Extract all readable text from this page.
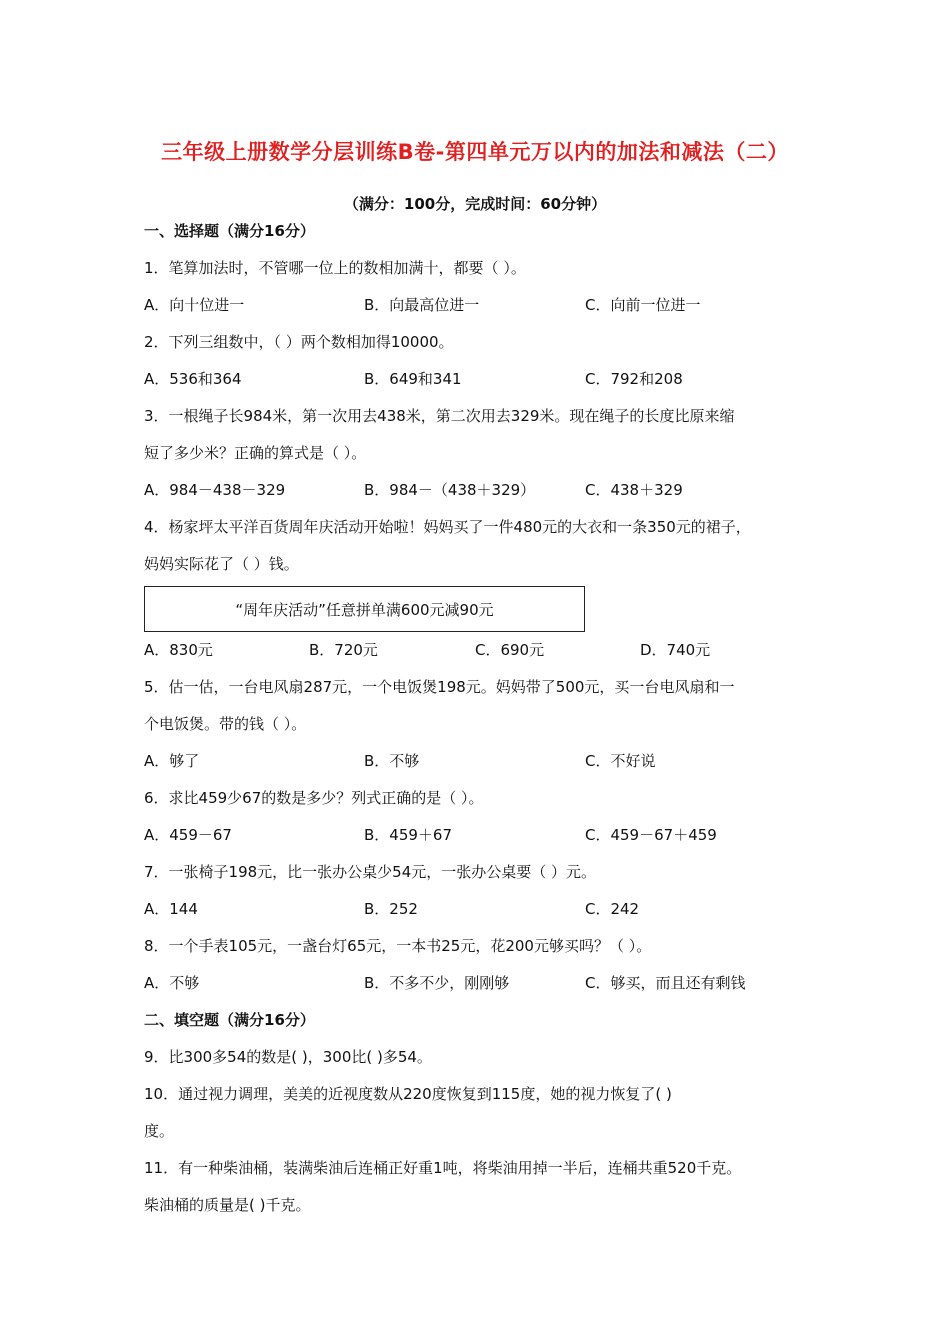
三年级上册数学分层训练B卷-第四单元万以内的加法和减法（二）
（满分：100分，完成时间：60分钟）
一、选择题（满分16分）
1．笔算加法时，不管哪一位上的数相加满十，都要（ ）。
A．向十位进一	B．向最高位进一	C．向前一位进一
2．下列三组数中，（ ）两个数相加得10000。
A．536和364	B．649和341	C．792和208
3．一根绳子长984米，第一次用去438米，第二次用去329米。现在绳子的长度比原来缩
短了多少米？正确的算式是（ ）。
A．984－438－329	B．984－（438＋329）	C．438＋329
4．杨家坪太平洋百货周年庆活动开始啦！妈妈买了一件480元的大衣和一条350元的裙子，
妈妈实际花了（ ）钱。
“周年庆活动”任意拼单满600元减90元
A．830元	B．720元	C．690元	D．740元
5．估一估，一台电风扇287元，一个电饭煲198元。妈妈带了500元，买一台电风扇和一
个电饭煲。带的钱（ ）。
A．够了	B．不够	C．不好说
6．求比459少67的数是多少？列式正确的是（ ）。
A．459－67	B．459＋67	C．459－67＋459
7．一张椅子198元，比一张办公桌少54元，一张办公桌要（ ）元。
A．144	B．252	C．242
8．一个手表105元，一盏台灯65元，一本书25元，花200元够买吗？（ ）。
A．不够	B．不多不少，刚刚够	C．够买，而且还有剩钱
二、填空题（满分16分）
9．比300多54的数是( )，300比( )多54。
10．通过视力调理，美美的近视度数从220度恢复到115度，她的视力恢复了( )
度。
11．有一种柴油桶，装满柴油后连桶正好重1吨，将柴油用掉一半后，连桶共重520千克。
柴油桶的质量是( )千克。
